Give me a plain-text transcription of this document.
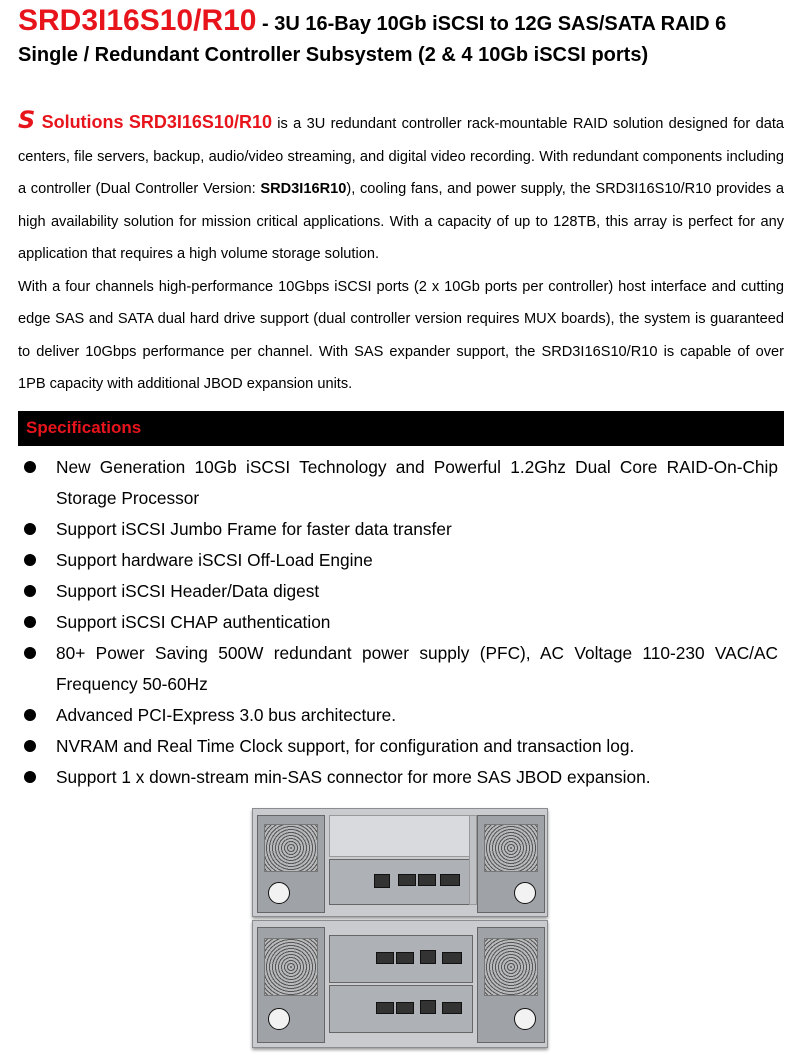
SRD3I16S10/R10 - 3U 16-Bay 10Gb iSCSI to 12G SAS/SATA RAID 6
Single / Redundant Controller Subsystem (2 & 4 10Gb iSCSI ports)

S Solutions SRD3I16S10/R10 is a 3U redundant controller rack-mountable RAID solution designed for data centers, file servers, backup, audio/video streaming, and digital video recording. With redundant components including a controller (Dual Controller Version: SRD3I16R10), cooling fans, and power supply, the SRD3I16S10/R10 provides a high availability solution for mission critical applications. With a capacity of up to 128TB, this array is perfect for any application that requires a high volume storage solution.

With a four channels high-performance 10Gbps iSCSI ports (2 x 10Gb ports per controller) host interface and cutting edge SAS and SATA dual hard drive support (dual controller version requires MUX boards), the system is guaranteed to deliver 10Gbps performance per channel. With SAS expander support, the SRD3I16S10/R10 is capable of over 1PB capacity with additional JBOD expansion units.

Specifications
New Generation 10Gb iSCSI Technology and Powerful 1.2Ghz Dual Core RAID-On-Chip Storage Processor
Support iSCSI Jumbo Frame for faster data transfer
Support hardware iSCSI Off-Load Engine
Support iSCSI Header/Data digest
Support iSCSI CHAP authentication
80+ Power Saving 500W redundant power supply (PFC), AC Voltage 110-230 VAC/AC Frequency 50-60Hz
Advanced PCI-Express 3.0 bus architecture.
NVRAM and Real Time Clock support, for configuration and transaction log.
Support 1 x down-stream min-SAS connector for more SAS JBOD expansion.
